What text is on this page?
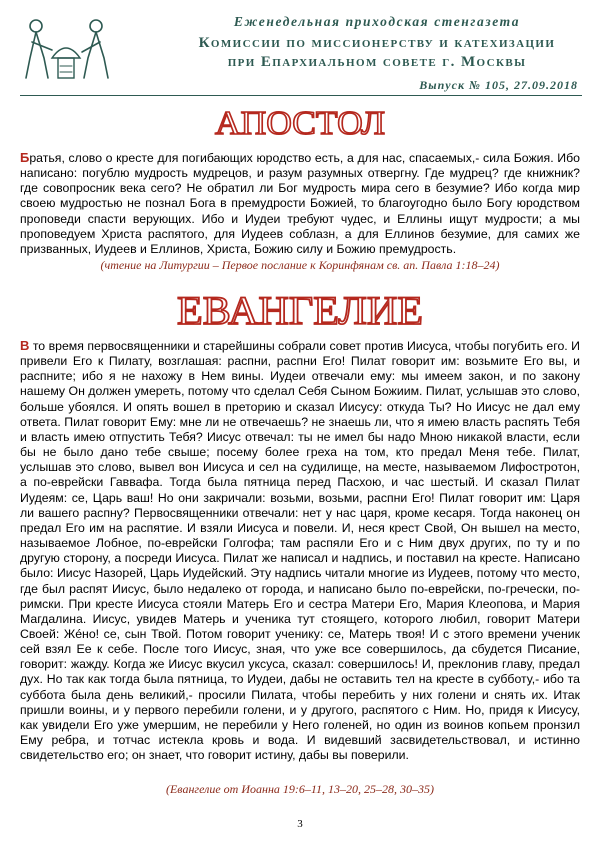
Еженедельная приходская стенгазета
Комиссии по миссионерству и катехизации
при Епархиальном совете г. Москвы
Выпуск № 105, 27.09.2018
АПОСТОЛ

Братья, слово о кресте для погибающих юродство есть, а для нас, спасаемых,- сила Божия. Ибо написано: погублю мудрость мудрецов, и разум разумных отвергну. Где мудрец? где книжник? где совопросник века сего? Не обратил ли Бог мудрость мира сего в безумие? Ибо когда мир своею мудростью не познал Бога в премудрости Божией, то благоугодно было Богу юродством проповеди спасти верующих. Ибо и Иудеи требуют чудес, и Еллины ищут мудрости; а мы проповедуем Христа распятого, для Иудеев соблазн, а для Еллинов безумие, для самих же призванных, Иудеев и Еллинов, Христа, Божию силу и Божию премудрость.

(чтение на Литургии – Первое послание к Коринфянам св. ап. Павла 1:18–24)
ЕВАНГЕЛИЕ

В то время первосвященники и старейшины собрали совет против Иисуса, чтобы погубить его. И привели Его к Пилату, возглашая: распни, распни Его! Пилат говорит им: возьмите Его вы, и распните; ибо я не нахожу в Нем вины. Иудеи отвечали ему: мы имеем закон, и по закону нашему Он должен умереть, потому что сделал Себя Сыном Божиим. Пилат, услышав это слово, больше убоялся. И опять вошел в преторию и сказал Иисусу: откуда Ты? Но Иисус не дал ему ответа. Пилат говорит Ему: мне ли не отвечаешь? не знаешь ли, что я имею власть распять Тебя и власть имею отпустить Тебя? Иисус отвечал: ты не имел бы надо Мною никакой власти, если бы не было дано тебе свыше; посему более греха на том, кто предал Меня тебе. Пилат, услышав это слово, вывел вон Иисуса и сел на судилище, на месте, называемом Лифостротон, а по-еврейски Гаввафа. Тогда была пятница перед Пасхою, и час шестый. И сказал Пилат Иудеям: се, Царь ваш! Но они закричали: возьми, возьми, распни Его! Пилат говорит им: Царя ли вашего распну? Первосвященники отвечали: нет у нас царя, кроме кесаря. Тогда наконец он предал Его им на распятие. И взяли Иисуса и повели. И, неся крест Свой, Он вышел на место, называемое Лобное, по-еврейски Голгофа; там распяли Его и с Ним двух других, по ту и по другую сторону, а посреди Иисуса. Пилат же написал и надпись, и поставил на кресте. Написано было: Иисус Назорей, Царь Иудейский. Эту надпись читали многие из Иудеев, потому что место, где был распят Иисус, было недалеко от города, и написано было по-еврейски, по-гречески, по-римски. При кресте Иисуса стояли Матерь Его и сестра Матери Его, Мария Клеопова, и Мария Магдалина. Иисус, увидев Матерь и ученика тут стоящего, которого любил, говорит Матери Своей: Жéно! се, сын Твой. Потом говорит ученику: се, Матерь твоя! И с этого времени ученик сей взял Ее к себе. После того Иисус, зная, что уже все совершилось, да сбудется Писание, говорит: жажду. Когда же Иисус вкусил уксуса, сказал: совершилось! И, преклонив главу, предал дух. Но так как тогда была пятница, то Иудеи, дабы не оставить тел на кресте в субботу,- ибо та суббота была день великий,- просили Пилата, чтобы перебить у них голени и снять их. Итак пришли воины, и у первого перебили голени, и у другого, распятого с Ним. Но, придя к Иисусу, как увидели Его уже умершим, не перебили у Него голеней, но один из воинов копьем пронзил Ему ребра, и тотчас истекла кровь и вода. И видевший засвидетельствовал, и истинно свидетельство его; он знает, что говорит истину, дабы вы поверили.

(Евангелие от Иоанна 19:6–11, 13–20, 25–28, 30–35)
3
